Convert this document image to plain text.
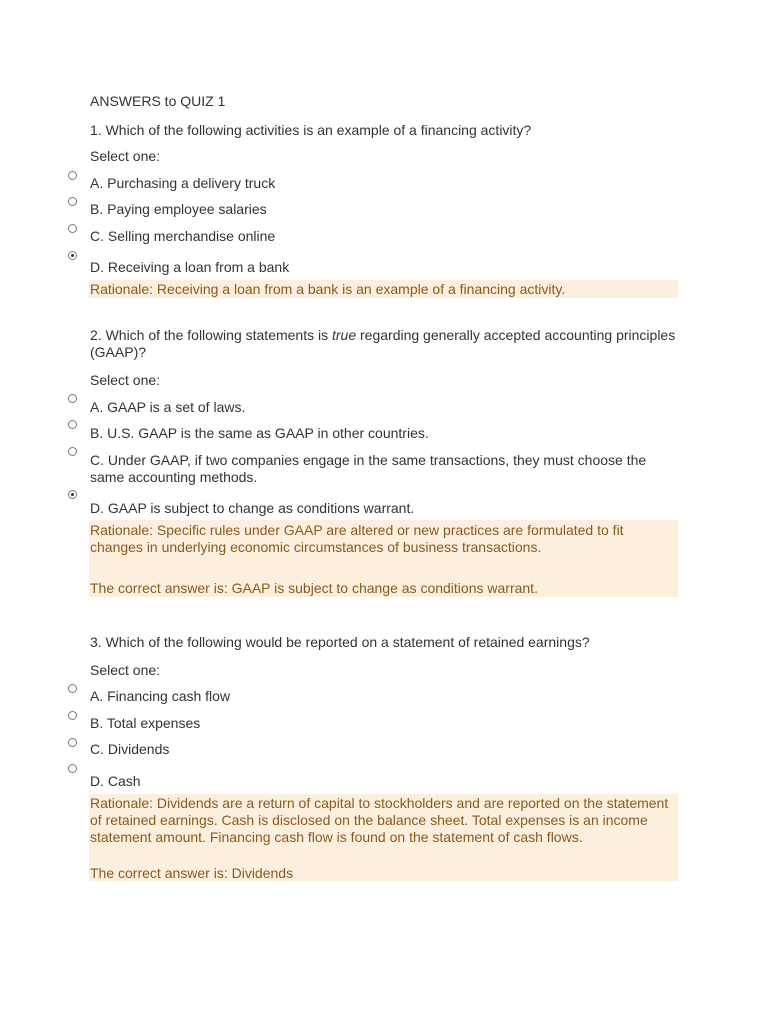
ANSWERS to QUIZ 1
1. Which of the following activities is an example of a financing activity?
Select one:
A. Purchasing a delivery truck
B. Paying employee salaries
C. Selling merchandise online
D. Receiving a loan from a bank
Rationale: Receiving a loan from a bank is an example of a financing activity.
2. Which of the following statements is true regarding generally accepted accounting principles (GAAP)?
Select one:
A. GAAP is a set of laws.
B. U.S. GAAP is the same as GAAP in other countries.
C. Under GAAP, if two companies engage in the same transactions, they must choose the same accounting methods.
D. GAAP is subject to change as conditions warrant.
Rationale: Specific rules under GAAP are altered or new practices are formulated to fit changes in underlying economic circumstances of business transactions.
The correct answer is: GAAP is subject to change as conditions warrant.
3. Which of the following would be reported on a statement of retained earnings?
Select one:
A. Financing cash flow
B. Total expenses
C. Dividends
D. Cash
Rationale: Dividends are a return of capital to stockholders and are reported on the statement of retained earnings. Cash is disclosed on the balance sheet. Total expenses is an income statement amount. Financing cash flow is found on the statement of cash flows.
The correct answer is: Dividends
